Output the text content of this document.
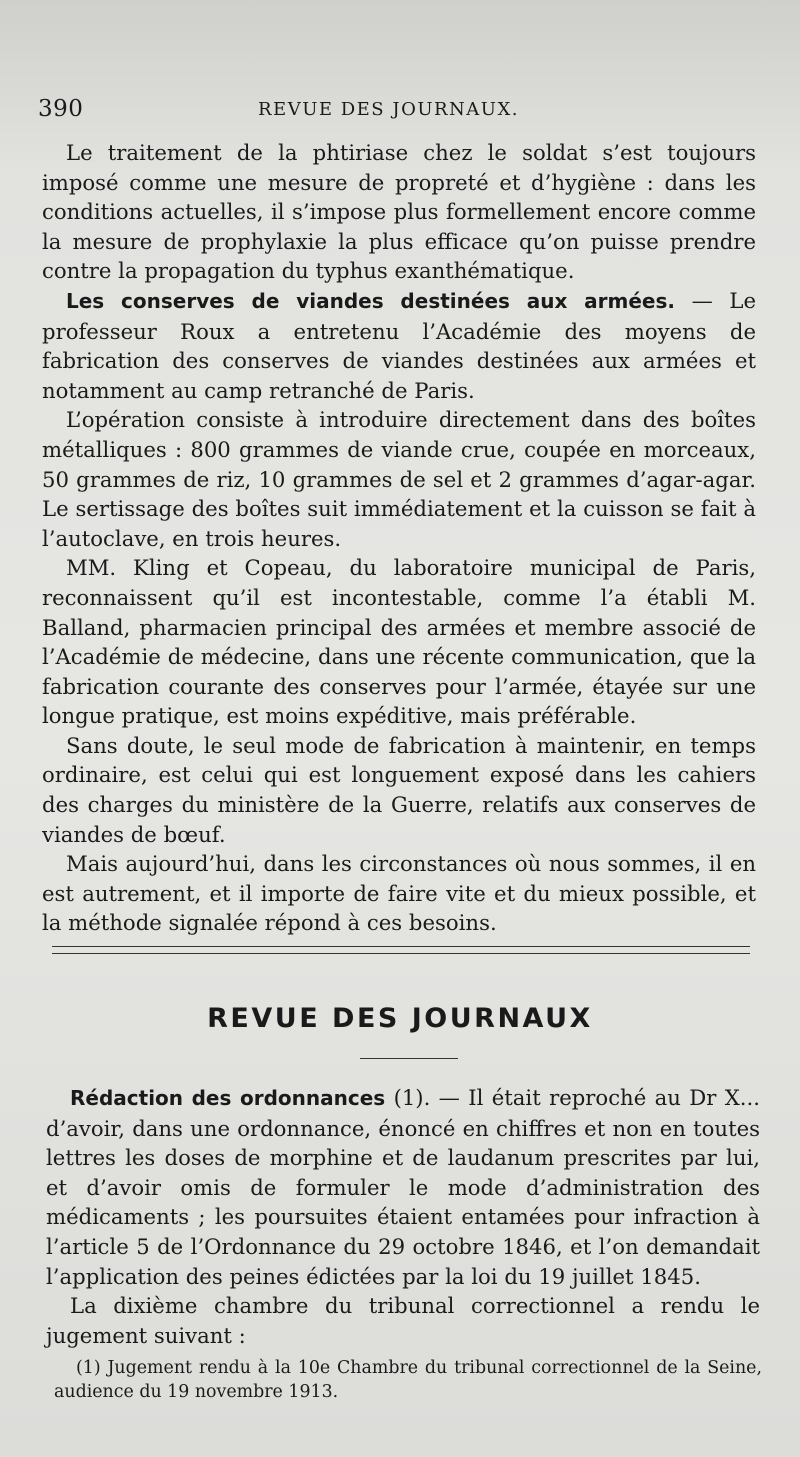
390	REVUE DES JOURNAUX.

Le traitement de la phtiriase chez le soldat s’est toujours imposé comme une mesure de propreté et d’hygiène : dans les conditions actuelles, il s’impose plus formellement encore comme la mesure de prophylaxie la plus efficace qu’on puisse prendre contre la propagation du typhus exanthématique.

Les conserves de viandes destinées aux armées. — Le professeur Roux a entretenu l’Académie des moyens de fabrication des conserves de viandes destinées aux armées et notamment au camp retranché de Paris.

L’opération consiste à introduire directement dans des boîtes métalliques : 800 grammes de viande crue, coupée en morceaux, 50 grammes de riz, 10 grammes de sel et 2 grammes d’agar-agar. Le sertissage des boîtes suit immédiatement et la cuisson se fait à l’autoclave, en trois heures.

MM. Kling et Copeau, du laboratoire municipal de Paris, reconnaissent qu’il est incontestable, comme l’a établi M. Balland, pharmacien principal des armées et membre associé de l’Académie de médecine, dans une récente communication, que la fabrication courante des conserves pour l’armée, étayée sur une longue pratique, est moins expéditive, mais préférable.

Sans doute, le seul mode de fabrication à maintenir, en temps ordinaire, est celui qui est longuement exposé dans les cahiers des charges du ministère de la Guerre, relatifs aux conserves de viandes de bœuf.

Mais aujourd’hui, dans les circonstances où nous sommes, il en est autrement, et il importe de faire vite et du mieux possible, et la méthode signalée répond à ces besoins.

REVUE DES JOURNAUX

Rédaction des ordonnances (1). — Il était reproché au Dr X... d’avoir, dans une ordonnance, énoncé en chiffres et non en toutes lettres les doses de morphine et de laudanum prescrites par lui, et d’avoir omis de formuler le mode d’administration des médicaments ; les poursuites étaient entamées pour infraction à l’article 5 de l’Ordonnance du 29 octobre 1846, et l’on demandait l’application des peines édictées par la loi du 19 juillet 1845.

La dixième chambre du tribunal correctionnel a rendu le jugement suivant :

(1) Jugement rendu à la 10e Chambre du tribunal correctionnel de la Seine, audience du 19 novembre 1913.
